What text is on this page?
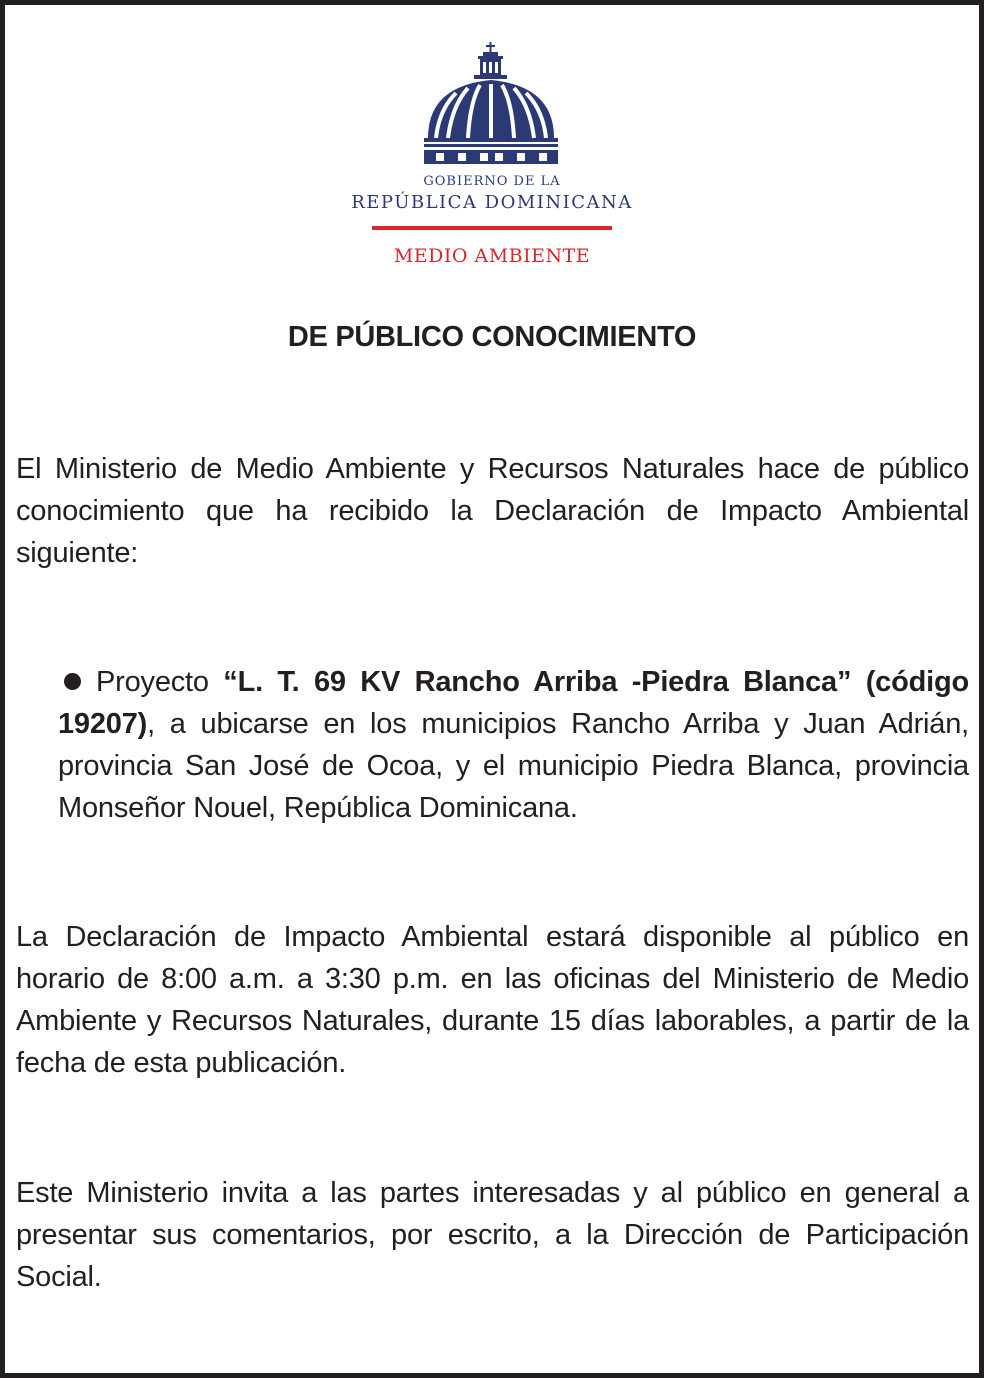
GOBIERNO DE LA
REPÚBLICA DOMINICANA
MEDIO AMBIENTE
DE PÚBLICO CONOCIMIENTO

El Ministerio de Medio Ambiente y Recursos Naturales hace de público conocimiento que ha recibido la Declaración de Impacto Ambiental siguiente:

Proyecto “L. T. 69 KV Rancho Arriba -Piedra Blanca” (código 19207), a ubicarse en los municipios Rancho Arriba y Juan Adrián, provincia San José de Ocoa, y el municipio Piedra Blanca, provincia Monseñor Nouel, República Dominicana.

La Declaración de Impacto Ambiental estará disponible al público en horario de 8:00 a.m. a 3:30 p.m. en las oficinas del Ministerio de Medio Ambiente y Recursos Naturales, durante 15 días laborables, a partir de la fecha de esta publicación.

Este Ministerio invita a las partes interesadas y al público en general a presentar sus comentarios, por escrito, a la Dirección de Participación Social.
